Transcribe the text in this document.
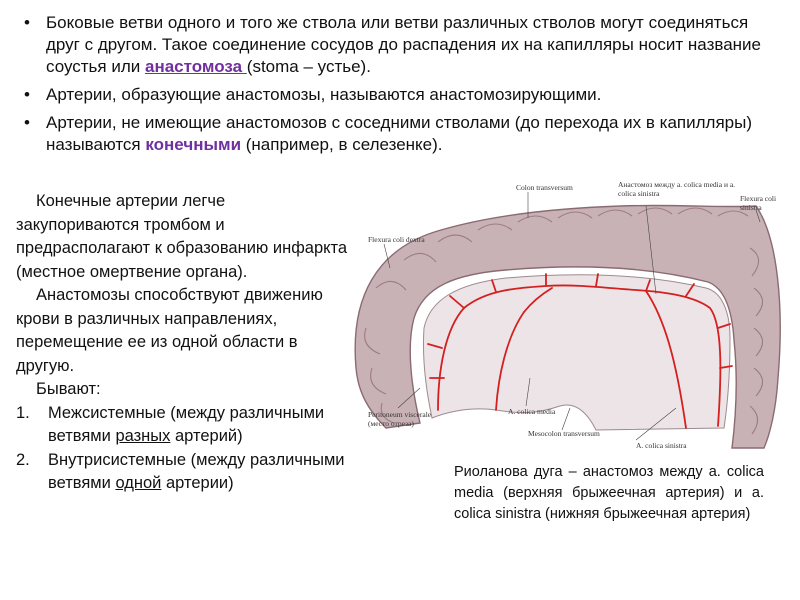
• Боковые ветви одного и того же ствола или ветви различных стволов могут соединяться друг с другом. Такое соединение сосудов до распадения их на капилляры носит название соустья или анастомоза (stoma – устье).
• Артерии, образующие анастомозы, называются анастомозирующими.
• Артерии, не имеющие анастомозов с соседними стволами (до перехода их в капилляры) называются конечными (например, в селезенке).

Конечные артерии легче закупориваются тромбом и предрасполагают к образованию инфаркта (местное омертвение органа).

Анастомозы способствуют движению крови в различных направлениях, перемещение ее из одной области в другую.

Бывают:

1. Межсистемные (между различными ветвями разных артерий)
2. Внутрисистемные (между различными ветвями одной артерии)
Colon transversum	Анастомоз между a. colica media и a. colica sinistra
Flexura coli sinistra
Flexura coli dextra
Peritoneum viscerale (место отреза)
A. colica media
Mesocolon transversum
A. colica sinistra
Риоланова дуга – анастомоз между a. colica media (верхняя брыжеечная артерия) и a. colica sinistra (нижняя брыжеечная артерия)
